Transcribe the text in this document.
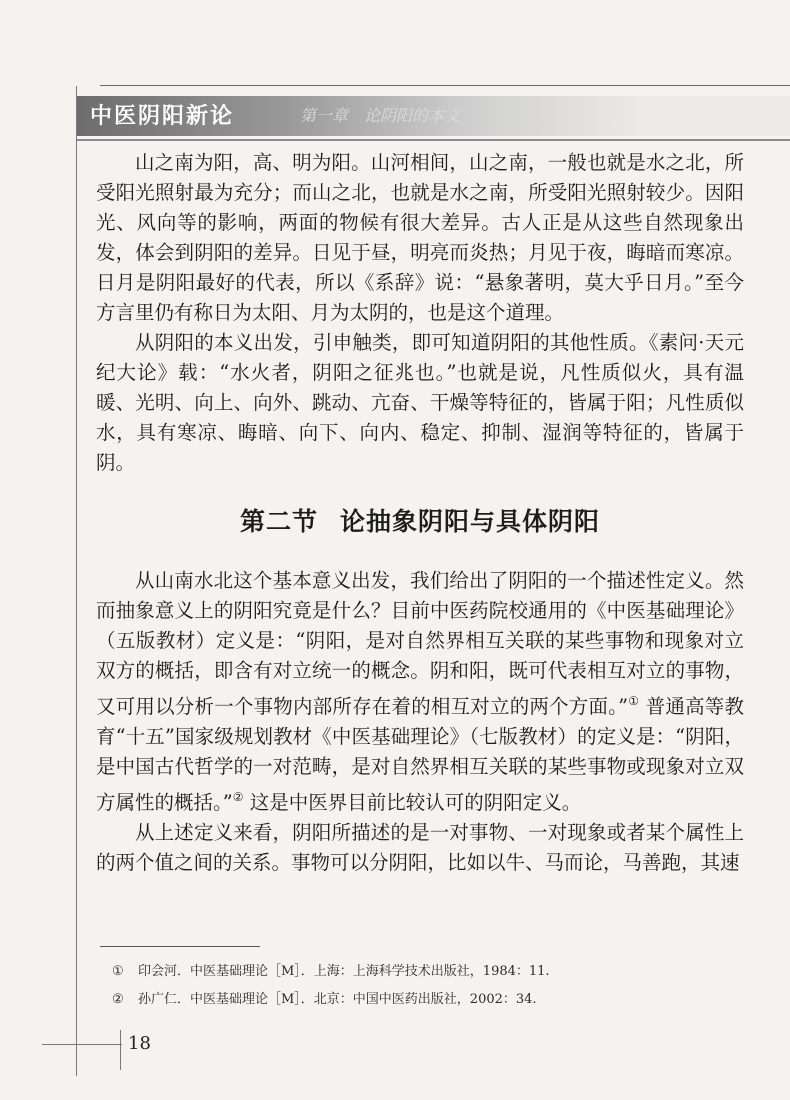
中医阴阳新论	第一章　论阴阳的本义

山之南为阳，高、明为阳。山河相间，山之南，一般也就是水之北，所受阳光照射最为充分；而山之北，也就是水之南，所受阳光照射较少。因阳光、风向等的影响，两面的物候有很大差异。古人正是从这些自然现象出发，体会到阴阳的差异。日见于昼，明亮而炎热；月见于夜，晦暗而寒凉。日月是阴阳最好的代表，所以《系辞》说：“悬象著明，莫大乎日月。”至今方言里仍有称日为太阳、月为太阴的，也是这个道理。

从阴阳的本义出发，引申触类，即可知道阴阳的其他性质。《素问·天元纪大论》载：“水火者，阴阳之征兆也。”也就是说，凡性质似火，具有温暖、光明、向上、向外、跳动、亢奋、干燥等特征的，皆属于阳；凡性质似水，具有寒凉、晦暗、向下、向内、稳定、抑制、湿润等特征的，皆属于阴。

第二节 论抽象阴阳与具体阴阳

从山南水北这个基本意义出发，我们给出了阴阳的一个描述性定义。然而抽象意义上的阴阳究竟是什么？目前中医药院校通用的《中医基础理论》（五版教材）定义是：“阴阳，是对自然界相互关联的某些事物和现象对立双方的概括，即含有对立统一的概念。阴和阳，既可代表相互对立的事物，又可用以分析一个事物内部所存在着的相互对立的两个方面。”① 普通高等教育“十五”国家级规划教材《中医基础理论》（七版教材）的定义是：“阴阳，是中国古代哲学的一对范畴，是对自然界相互关联的某些事物或现象对立双方属性的概括。”② 这是中医界目前比较认可的阴阳定义。

从上述定义来看，阴阳所描述的是一对事物、一对现象或者某个属性上的两个值之间的关系。事物可以分阴阳，比如以牛、马而论，马善跑，其速

① 印会河．中医基础理论［M］．上海：上海科学技术出版社，1984：11.
② 孙广仁．中医基础理论［M］．北京：中国中医药出版社，2002：34.
18
